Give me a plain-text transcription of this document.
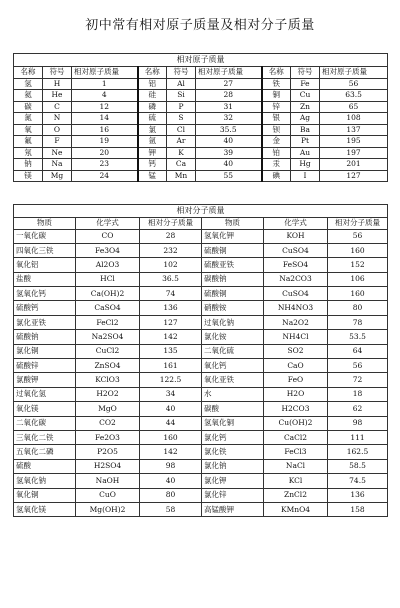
初中常有相对原子质量及相对分子质量
相对原子质量								
名称	符号	相对原子质量	名称	符号	相对原子质量	名称	符号	相对原子质量
氢	H	1	铝	Al	27	铁	Fe	56
氦	He	4	硅	Si	28	铜	Cu	63.5
碳	C	12	磷	P	31	锌	Zn	65
氮	N	14	硫	S	32	银	Ag	108
氧	O	16	氯	Cl	35.5	钡	Ba	137
氟	F	19	氩	Ar	40	金	Pt	195
氖	Ne	20	钾	K	39	铂	Au	197
钠	Na	23	钙	Ca	40	汞	Hg	201
镁	Mg	24	锰	Mn	55	碘	I	127
相对分子质量					
物质	化学式	相对分子质量	物质	化学式	相对分子质量
一氧化碳	CO	28	氢氧化钾	KOH	56
四氧化三铁	Fe3O4	232	硫酸铜	CuSO4	160
氧化铝	Al2O3	102	硫酸亚铁	FeSO4	152
盐酸	HCl	36.5	碳酸钠	Na2CO3	106
氢氧化钙	Ca(OH)2	74	硫酸铜	CuSO4	160
硫酸钙	CaSO4	136	硝酸铵	NH4NO3	80
氯化亚铁	FeCl2	127	过氧化钠	Na2O2	78
硫酸钠	Na2SO4	142	氯化铵	NH4Cl	53.5
氯化铜	CuCl2	135	二氧化硫	SO2	64
硫酸锌	ZnSO4	161	氧化钙	CaO	56
氯酸钾	KClO3	122.5	氧化亚铁	FeO	72
过氧化氢	H2O2	34	水	H2O	18
氧化镁	MgO	40	碳酸	H2CO3	62
二氧化碳	CO2	44	氢氧化铜	Cu(OH)2	98
三氧化二铁	Fe2O3	160	氯化钙	CaCl2	111
五氧化二磷	P2O5	142	氯化铁	FeCl3	162.5
硫酸	H2SO4	98	氯化钠	NaCl	58.5
氢氧化钠	NaOH	40	氯化钾	KCl	74.5
氧化铜	CuO	80	氯化锌	ZnCl2	136
氢氧化镁	Mg(OH)2	58	高锰酸钾	KMnO4	158
